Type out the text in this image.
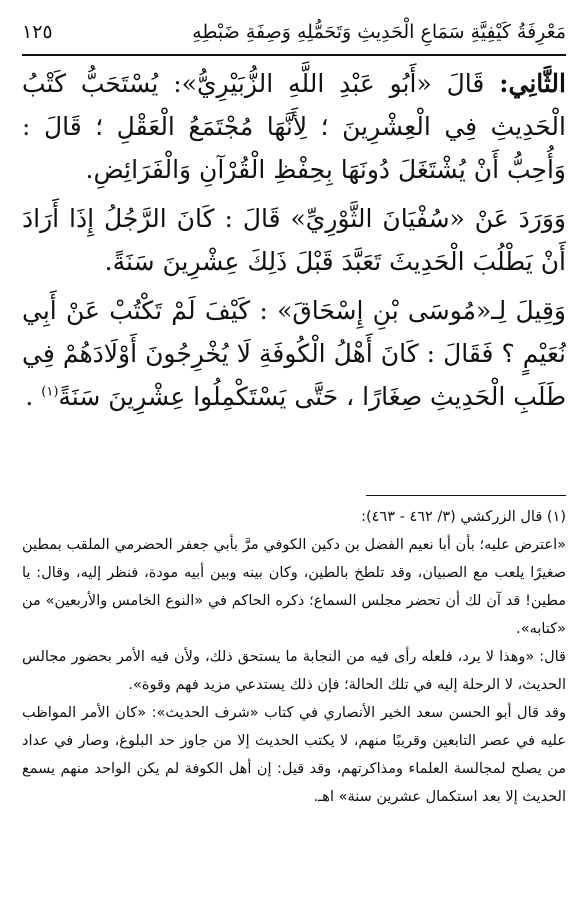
مَعْرِفَةُ كَيْفِيَّةِ سَمَاعِ الْحَدِيثِ وَتَحَمُّلِهِ وَصِفَةِ ضَبْطِهِ
١٢٥

الثَّانِي: قَالَ «أَبُو عَبْدِ اللَّهِ الزُّبَيْرِيُّ»: يُسْتَحَبُّ كَتْبُ الْحَدِيثِ فِي الْعِشْرِينَ ؛ لِأَنَّهَا مُجْتَمَعُ الْعَقْلِ ؛ قَالَ : وَأُحِبُّ أَنْ يُشْتَغَلَ دُونَهَا بِحِفْظِ الْقُرْآنِ وَالْفَرَائِضِ.

وَوَرَدَ عَنْ «سُفْيَانَ الثَّوْرِيِّ» قَالَ : كَانَ الرَّجُلُ إِذَا أَرَادَ أَنْ يَطْلُبَ الْحَدِيثَ تَعَبَّدَ قَبْلَ ذَلِكَ عِشْرِينَ سَنَةً.

وَقِيلَ لِـ«مُوسَى بْنِ إِسْحَاقَ» : كَيْفَ لَمْ تَكْتُبْ عَنْ أَبِي نُعَيْمٍ ؟ فَقَالَ : كَانَ أَهْلُ الْكُوفَةِ لَا يُخْرِجُونَ أَوْلَادَهُمْ فِي طَلَبِ الْحَدِيثِ صِغَارًا ، حَتَّى يَسْتَكْمِلُوا عِشْرِينَ سَنَةً$^{(١)}$ .

(١) قال الزركشي (٣/ ٤٦٢ - ٤٦٣):

«اعترض عليه؛ بأن أبا نعيم الفضل بن دكين الكوفي مرَّ بأبي جعفر الحضرمي الملقب بمطين صغيرًا يلعب مع الصبيان، وقد تلطخ بالطين، وكان بينه وبين أبيه مودة، فنظر إليه، وقال: يا مطين! قد آن لك أن تحضر مجلس السماع؛ ذكره الحاكم في «النوع الخامس والأربعين» من «كتابه».

قال: «وهذا لا يرد، فلعله رأى فيه من النجابة ما يستحق ذلك، ولأن فيه الأمر بحضور مجالس الحديث، لا الرحلة إليه في تلك الحالة؛ فإن ذلك يستدعي مزيد فهم وقوة».

وقد قال أبو الحسن سعد الخير الأنصاري في كتاب «شرف الحديث»: «كان الأمر المواظب عليه في عصر التابعين وقريبًا منهم، لا يكتب الحديث إلا من جاوز حد البلوغ، وصار في عداد من يصلح لمجالسة العلماء ومذاكرتهم، وقد قيل: إن أهل الكوفة لم يكن الواحد منهم يسمع الحديث إلا بعد استكمال عشرين سنة» اهـ.
